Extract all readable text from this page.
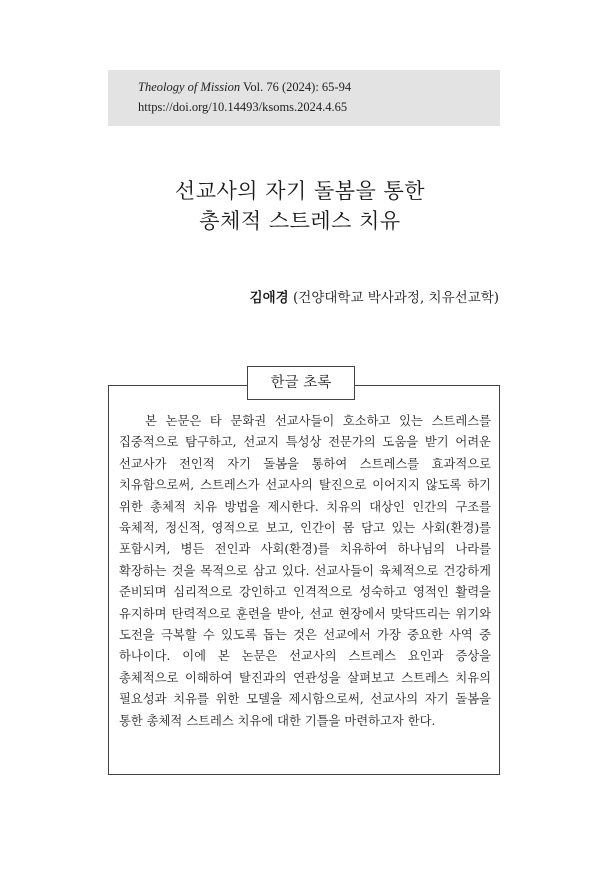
Theology of Mission Vol. 76 (2024): 65-94
https://doi.org/10.14493/ksoms.2024.4.65
선교사의 자기 돌봄을 통한
총체적 스트레스 치유
김애경 (건양대학교 박사과정, 치유선교학)
한글 초록
본 논문은 타 문화권 선교사들이 호소하고 있는 스트레스를 집중적으로 탐구하고, 선교지 특성상 전문가의 도움을 받기 어려운 선교사가 전인적 자기 돌봄을 통하여 스트레스를 효과적으로 치유함으로써, 스트레스가 선교사의 탈진으로 이어지지 않도록 하기 위한 총체적 치유 방법을 제시한다. 치유의 대상인 인간의 구조를 육체적, 정신적, 영적으로 보고, 인간이 몸 담고 있는 사회(환경)를 포함시켜, 병든 전인과 사회(환경)를 치유하여 하나님의 나라를 확장하는 것을 목적으로 삼고 있다. 선교사들이 육체적으로 건강하게 준비되며 심리적으로 강인하고 인격적으로 성숙하고 영적인 활력을 유지하며 탄력적으로 훈련을 받아, 선교 현장에서 맞닥뜨리는 위기와 도전을 극복할 수 있도록 돕는 것은 선교에서 가장 중요한 사역 중 하나이다. 이에 본 논문은 선교사의 스트레스 요인과 증상을 총체적으로 이해하여 탈진과의 연관성을 살펴보고 스트레스 치유의 필요성과 치유를 위한 모델을 제시함으로써, 선교사의 자기 돌봄을 통한 총체적 스트레스 치유에 대한 기틀을 마련하고자 한다.
